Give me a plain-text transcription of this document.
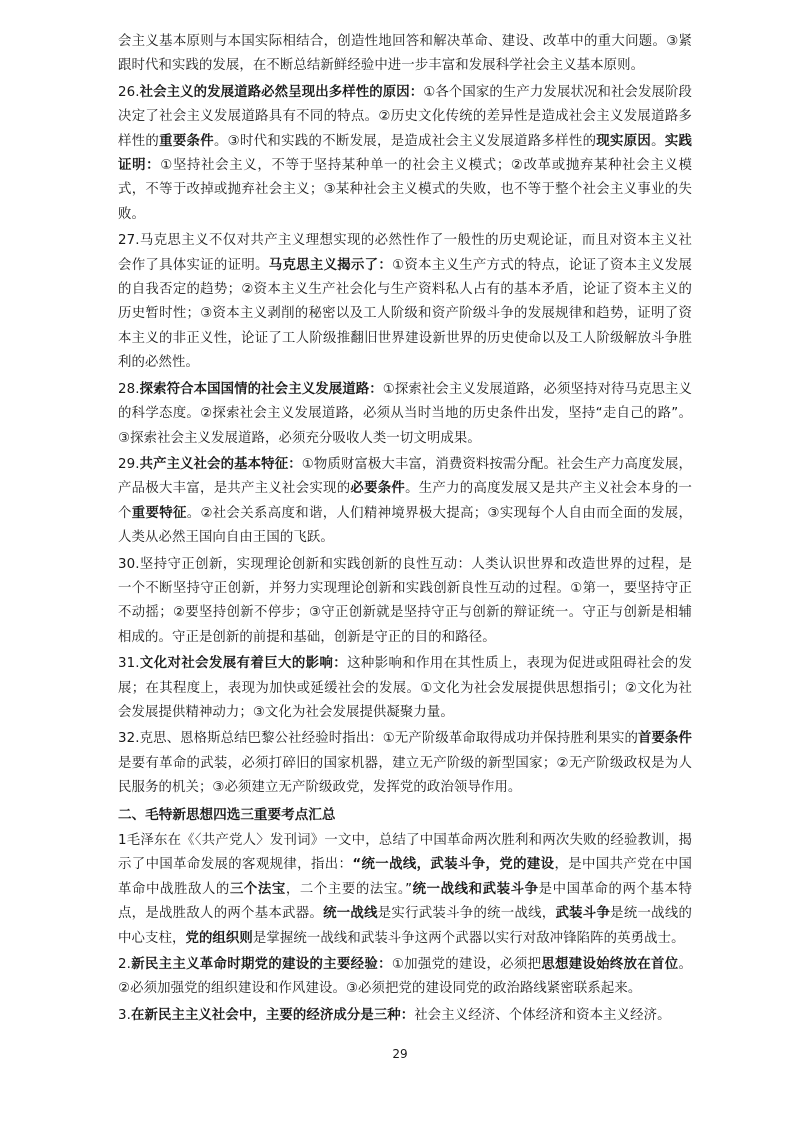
会主义基本原则与本国实际相结合，创造性地回答和解决革命、建设、改革中的重大问题。③紧跟时代和实践的发展，在不断总结新鲜经验中进一步丰富和发展科学社会主义基本原则。

26.社会主义的发展道路必然呈现出多样性的原因：①各个国家的生产力发展状况和社会发展阶段决定了社会主义发展道路具有不同的特点。②历史文化传统的差异性是造成社会主义发展道路多样性的重要条件。③时代和实践的不断发展，是造成社会主义发展道路多样性的现实原因。实践证明：①坚持社会主义，不等于坚持某种单一的社会主义模式；②改革或抛弃某种社会主义模式，不等于改掉或抛弃社会主义；③某种社会主义模式的失败，也不等于整个社会主义事业的失败。

27.马克思主义不仅对共产主义理想实现的必然性作了一般性的历史观论证，而且对资本主义社会作了具体实证的证明。马克思主义揭示了：①资本主义生产方式的特点，论证了资本主义发展的自我否定的趋势；②资本主义生产社会化与生产资料私人占有的基本矛盾，论证了资本主义的历史暂时性；③资本主义剥削的秘密以及工人阶级和资产阶级斗争的发展规律和趋势，证明了资本主义的非正义性，论证了工人阶级推翻旧世界建设新世界的历史使命以及工人阶级解放斗争胜利的必然性。

28.探索符合本国国情的社会主义发展道路：①探索社会主义发展道路，必须坚持对待马克思主义的科学态度。②探索社会主义发展道路，必须从当时当地的历史条件出发，坚持“走自己的路”。③探索社会主义发展道路，必须充分吸收人类一切文明成果。

29.共产主义社会的基本特征：①物质财富极大丰富，消费资料按需分配。社会生产力高度发展，产品极大丰富，是共产主义社会实现的必要条件。生产力的高度发展又是共产主义社会本身的一个重要特征。②社会关系高度和谐，人们精神境界极大提高；③实现每个人自由而全面的发展，人类从必然王国向自由王国的飞跃。

30.坚持守正创新，实现理论创新和实践创新的良性互动：人类认识世界和改造世界的过程，是一个不断坚持守正创新，并努力实现理论创新和实践创新良性互动的过程。①第一，要坚持守正不动摇；②要坚持创新不停步；③守正创新就是坚持守正与创新的辩证统一。守正与创新是相辅相成的。守正是创新的前提和基础，创新是守正的目的和路径。

31.文化对社会发展有着巨大的影响：这种影响和作用在其性质上，表现为促进或阻碍社会的发展；在其程度上，表现为加快或延缓社会的发展。①文化为社会发展提供思想指引；②文化为社会发展提供精神动力；③文化为社会发展提供凝聚力量。

32.克思、恩格斯总结巴黎公社经验时指出：①无产阶级革命取得成功并保持胜利果实的首要条件是要有革命的武装，必须打碎旧的国家机器，建立无产阶级的新型国家；②无产阶级政权是为人民服务的机关；③必须建立无产阶级政党，发挥党的政治领导作用。

二、毛特新思想四选三重要考点汇总

1毛泽东在《〈共产党人〉发刊词》一文中，总结了中国革命两次胜利和两次失败的经验教训，揭示了中国革命发展的客观规律，指出：“统一战线，武装斗争，党的建设，是中国共产党在中国革命中战胜敌人的三个法宝，二个主要的法宝。”统一战线和武装斗争是中国革命的两个基本特点，是战胜敌人的两个基本武器。统一战线是实行武装斗争的统一战线，武装斗争是统一战线的中心支柱，党的组织则是掌握统一战线和武装斗争这两个武器以实行对敌冲锋陷阵的英勇战士。

2.新民主主义革命时期党的建设的主要经验：①加强党的建设，必须把思想建设始终放在首位。②必须加强党的组织建设和作风建设。③必须把党的建设同党的政治路线紧密联系起来。

3.在新民主主义社会中，主要的经济成分是三种：社会主义经济、个体经济和资本主义经济。

29
